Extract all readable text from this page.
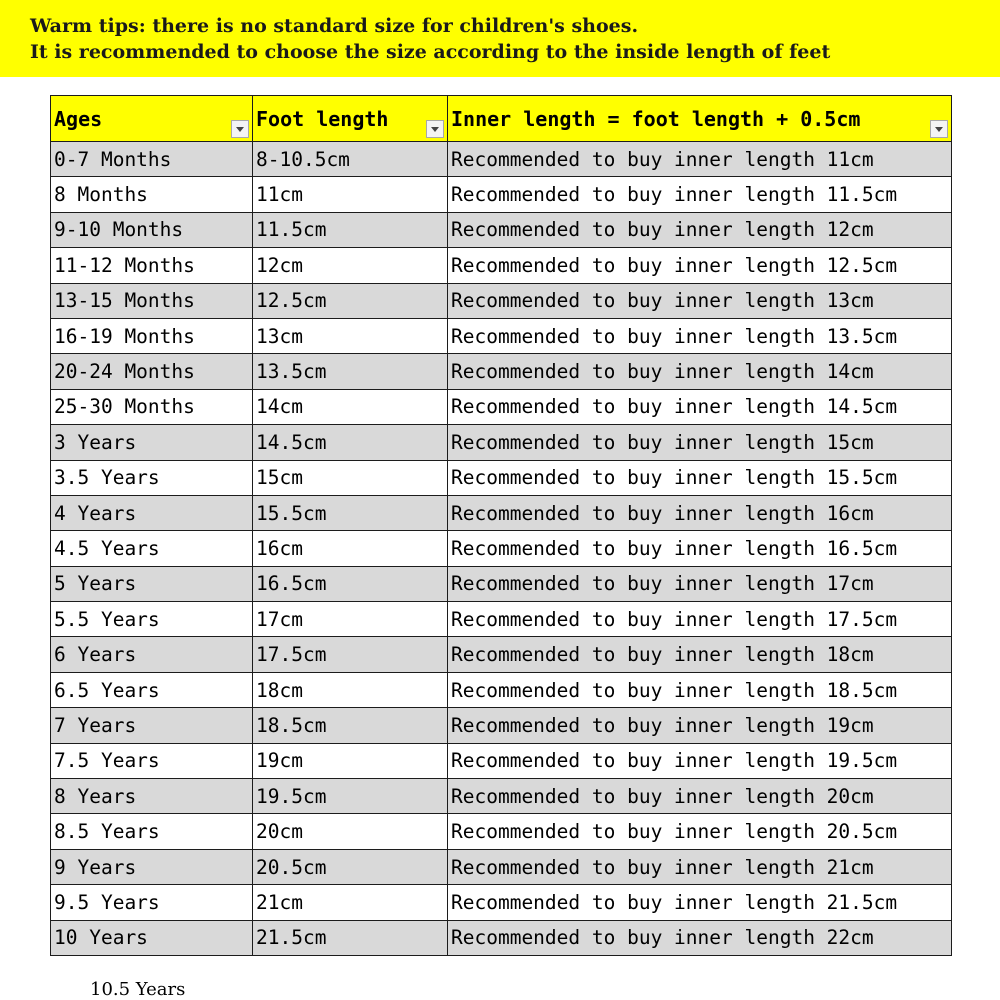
Warm tips: there is no standard size for children's shoes.
It is recommended to choose the size according to the inside length of feet
Ages	Foot length	Inner length = foot length + 0.5cm

0-7 Months	8-10.5cm	Recommended to buy inner length 11cm
8 Months	11cm	Recommended to buy inner length 11.5cm
9-10 Months	11.5cm	Recommended to buy inner length 12cm
11-12 Months	12cm	Recommended to buy inner length 12.5cm
13-15 Months	12.5cm	Recommended to buy inner length 13cm
16-19 Months	13cm	Recommended to buy inner length 13.5cm
20-24 Months	13.5cm	Recommended to buy inner length 14cm
25-30 Months	14cm	Recommended to buy inner length 14.5cm
3 Years	14.5cm	Recommended to buy inner length 15cm
3.5 Years	15cm	Recommended to buy inner length 15.5cm
4 Years	15.5cm	Recommended to buy inner length 16cm
4.5 Years	16cm	Recommended to buy inner length 16.5cm
5 Years	16.5cm	Recommended to buy inner length 17cm
5.5 Years	17cm	Recommended to buy inner length 17.5cm
6 Years	17.5cm	Recommended to buy inner length 18cm
6.5 Years	18cm	Recommended to buy inner length 18.5cm
7 Years	18.5cm	Recommended to buy inner length 19cm
7.5 Years	19cm	Recommended to buy inner length 19.5cm
8 Years	19.5cm	Recommended to buy inner length 20cm
8.5 Years	20cm	Recommended to buy inner length 20.5cm
9 Years	20.5cm	Recommended to buy inner length 21cm
9.5 Years	21cm	Recommended to buy inner length 21.5cm
10 Years	21.5cm	Recommended to buy inner length 22cm
10.5 Years
